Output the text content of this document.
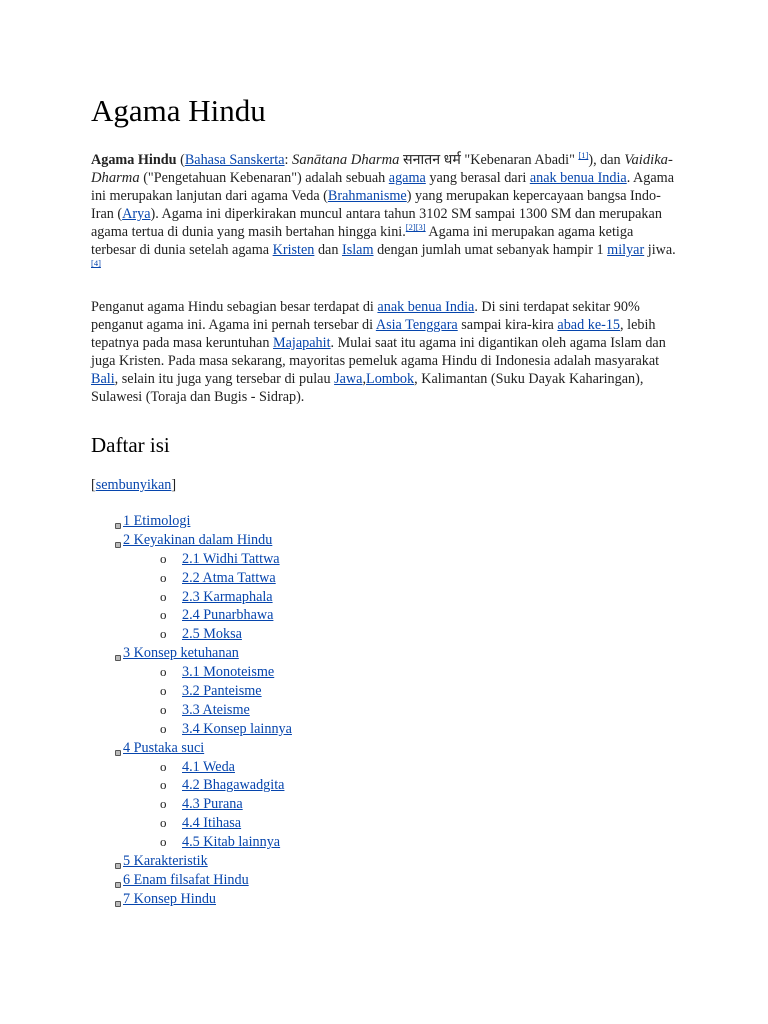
Agama Hindu

Agama Hindu (Bahasa Sanskerta: Sanātana Dharma सनातन धर्म "Kebenaran Abadi" [1]), dan Vaidika-Dharma ("Pengetahuan Kebenaran") adalah sebuah agama yang berasal dari anak benua India. Agama ini merupakan lanjutan dari agama Veda (Brahmanisme) yang merupakan kepercayaan bangsa Indo-Iran (Arya). Agama ini diperkirakan muncul antara tahun 3102 SM sampai 1300 SM dan merupakan agama tertua di dunia yang masih bertahan hingga kini.[2][3] Agama ini merupakan agama ketiga terbesar di dunia setelah agama Kristen dan Islam dengan jumlah umat sebanyak hampir 1 milyar jiwa.[4]

Penganut agama Hindu sebagian besar terdapat di anak benua India. Di sini terdapat sekitar 90% penganut agama ini. Agama ini pernah tersebar di Asia Tenggara sampai kira-kira abad ke-15, lebih tepatnya pada masa keruntuhan Majapahit. Mulai saat itu agama ini digantikan oleh agama Islam dan juga Kristen. Pada masa sekarang, mayoritas pemeluk agama Hindu di Indonesia adalah masyarakat Bali, selain itu juga yang tersebar di pulau Jawa,Lombok, Kalimantan (Suku Dayak Kaharingan), Sulawesi (Toraja dan Bugis - Sidrap).

Daftar isi
[sembunyikan]
1 Etimologi
2 Keyakinan dalam Hindu
o 2.1 Widhi Tattwa
o 2.2 Atma Tattwa
o 2.3 Karmaphala
o 2.4 Punarbhawa
o 2.5 Moksa
3 Konsep ketuhanan
o 3.1 Monoteisme
o 3.2 Panteisme
o 3.3 Ateisme
o 3.4 Konsep lainnya
4 Pustaka suci
o 4.1 Weda
o 4.2 Bhagawadgita
o 4.3 Purana
o 4.4 Itihasa
o 4.5 Kitab lainnya
5 Karakteristik
6 Enam filsafat Hindu
7 Konsep Hindu
